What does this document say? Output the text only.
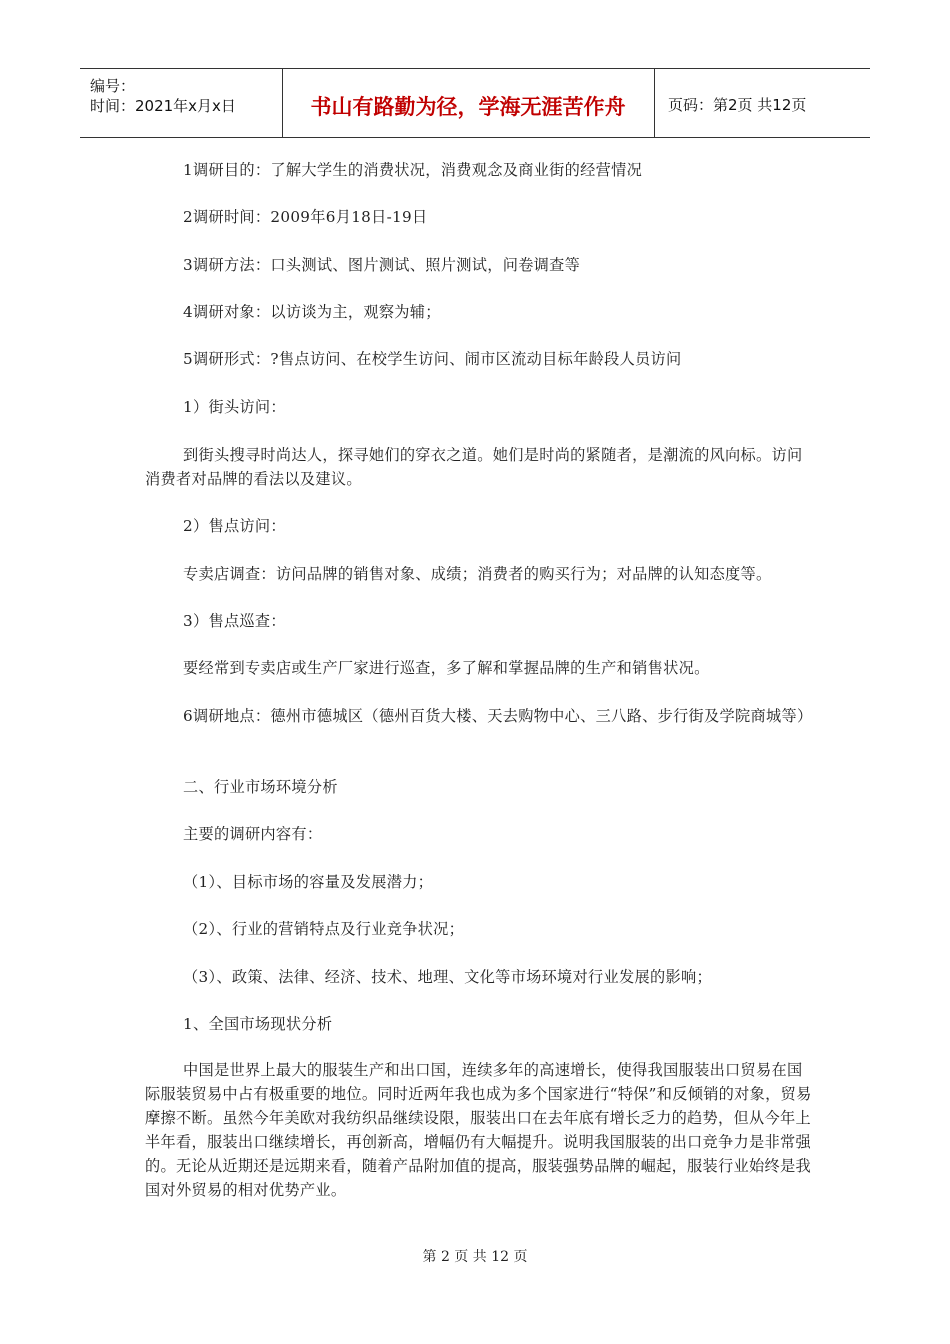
编号：
时间：2021年x月x日	书山有路勤为径，学海无涯苦作舟	页码：第2页 共12页

1调研目的：了解大学生的消费状况，消费观念及商业街的经营情况

2调研时间：2009年6月18日-19日

3调研方法：口头测试、图片测试、照片测试，问卷调查等

4调研对象：以访谈为主，观察为辅；

5调研形式：?售点访问、在校学生访问、闹市区流动目标年龄段人员访问

1）街头访问：

到街头搜寻时尚达人，探寻她们的穿衣之道。她们是时尚的紧随者，是潮流的风向标。访问消费者对品牌的看法以及建议。

2）售点访问：

专卖店调查：访问品牌的销售对象、成绩；消费者的购买行为；对品牌的认知态度等。

3）售点巡查：

要经常到专卖店或生产厂家进行巡查，多了解和掌握品牌的生产和销售状况。

6调研地点：德州市德城区（德州百货大楼、天去购物中心、三八路、步行街及学院商城等）

二、行业市场环境分析

主要的调研内容有：

（1）、目标市场的容量及发展潜力；

（2）、行业的营销特点及行业竞争状况；

（3）、政策、法律、经济、技术、地理、文化等市场环境对行业发展的影响；

1、全国市场现状分析

中国是世界上最大的服装生产和出口国，连续多年的高速增长，使得我国服装出口贸易在国际服装贸易中占有极重要的地位。同时近两年我也成为多个国家进行“特保”和反倾销的对象，贸易摩擦不断。虽然今年美欧对我纺织品继续设限，服装出口在去年底有增长乏力的趋势，但从今年上半年看，服装出口继续增长，再创新高，增幅仍有大幅提升。说明我国服装的出口竞争力是非常强的。无论从近期还是远期来看，随着产品附加值的提高，服装强势品牌的崛起，服装行业始终是我国对外贸易的相对优势产业。

第 2 页 共 12 页
